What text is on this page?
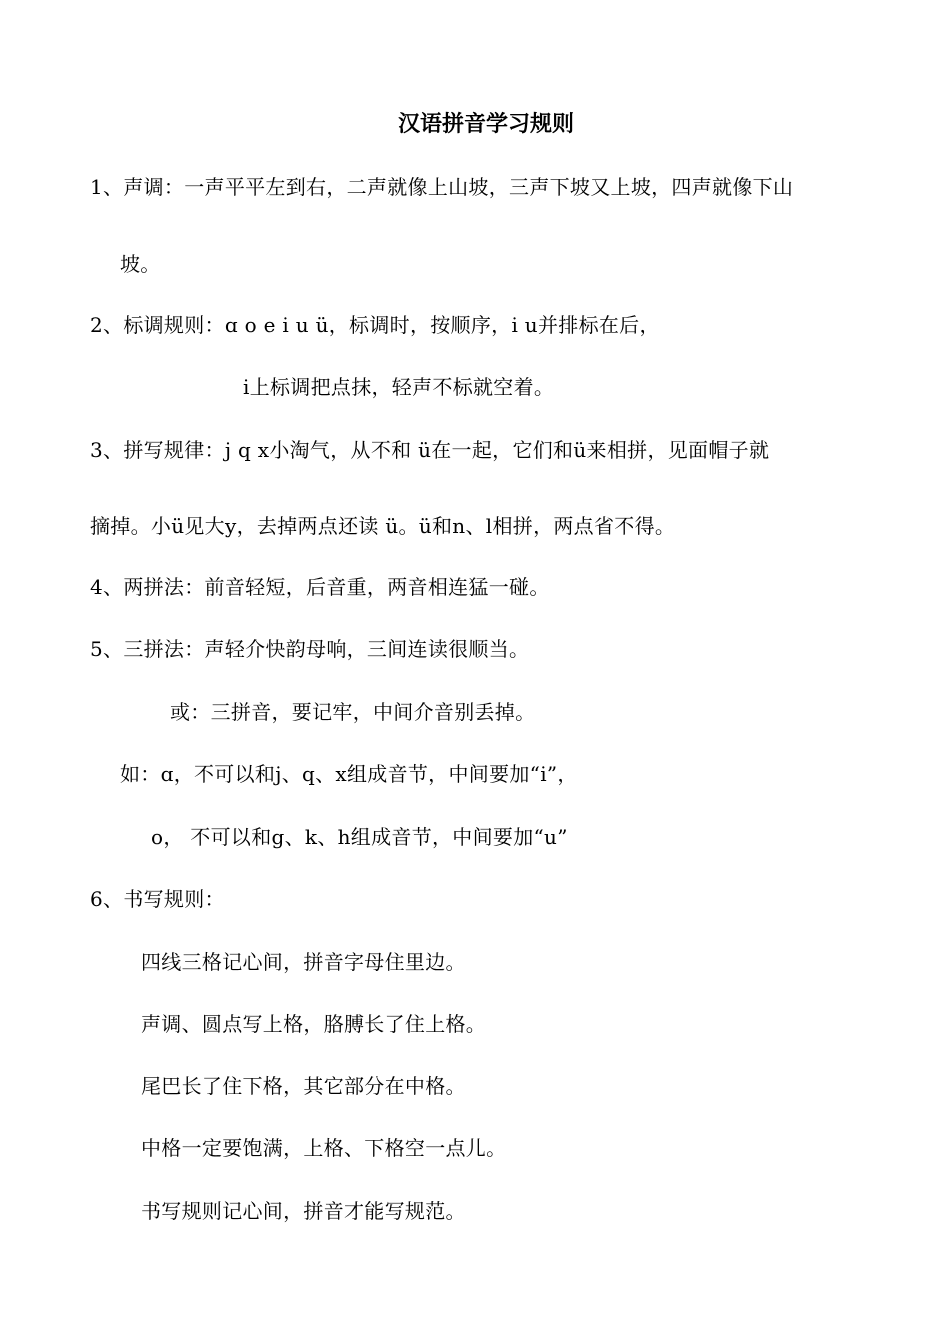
汉语拼音学习规则
1、声调：一声平平左到右，二声就像上山坡，三声下坡又上坡，四声就像下山
坡。
2、标调规则：ɑ o e i u ü，标调时，按顺序，i u并排标在后，
i上标调把点抹，轻声不标就空着。
3、拼写规律：j q x小淘气，从不和 ü在一起，它们和ü来相拼，见面帽子就
摘掉。小ü见大y，去掉两点还读 ü。ü和n、l相拼，两点省不得。
4、两拼法：前音轻短，后音重，两音相连猛一碰。
5、三拼法：声轻介快韵母响，三间连读很顺当。
或：三拼音，要记牢，中间介音别丢掉。
如：ɑ，不可以和j、q、x组成音节，中间要加“i”，
o， 不可以和g、k、h组成音节，中间要加“u”
6、书写规则：
四线三格记心间，拼音字母住里边。
声调、圆点写上格，胳膊长了住上格。
尾巴长了住下格，其它部分在中格。
中格一定要饱满，上格、下格空一点儿。
书写规则记心间，拼音才能写规范。
